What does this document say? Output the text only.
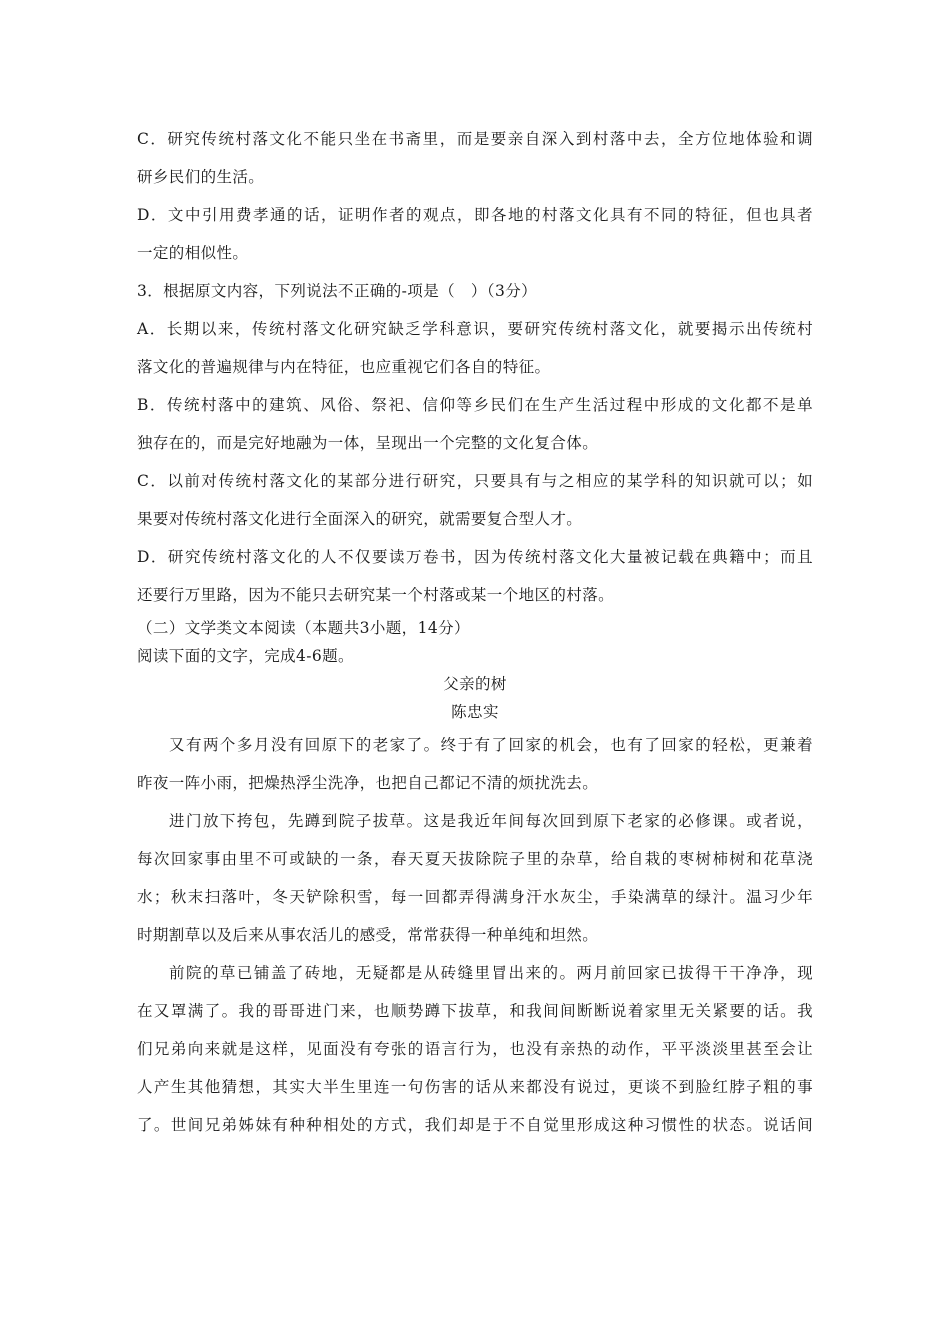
C．研究传统村落文化不能只坐在书斋里，而是要亲自深入到村落中去，全方位地体验和调
研乡民们的生活。
D．文中引用费孝通的话，证明作者的观点，即各地的村落文化具有不同的特征，但也具者
一定的相似性。
3．根据原文内容，下列说法不正确的-项是（　）（3分）
A．长期以来，传统村落文化研究缺乏学科意识，要研究传统村落文化，就要揭示出传统村
落文化的普遍规律与内在特征，也应重视它们各自的特征。
B．传统村落中的建筑、风俗、祭祀、信仰等乡民们在生产生活过程中形成的文化都不是单
独存在的，而是完好地融为一体，呈现出一个完整的文化复合体。
C．以前对传统村落文化的某部分进行研究，只要具有与之相应的某学科的知识就可以；如
果要对传统村落文化进行全面深入的研究，就需要复合型人才。
D．研究传统村落文化的人不仅要读万卷书，因为传统村落文化大量被记载在典籍中；而且
还要行万里路，因为不能只去研究某一个村落或某一个地区的村落。
（二）文学类文本阅读（本题共3小题，14分）
阅读下面的文字，完成4-6题。
父亲的树
陈忠实
又有两个多月没有回原下的老家了。终于有了回家的机会，也有了回家的轻松，更兼着
昨夜一阵小雨，把燥热浮尘洗净，也把自己都记不清的烦扰洗去。
进门放下挎包，先蹲到院子拔草。这是我近年间每次回到原下老家的必修课。或者说，
每次回家事由里不可或缺的一条，春天夏天拔除院子里的杂草，给自栽的枣树柿树和花草浇
水；秋末扫落叶，冬天铲除积雪，每一回都弄得满身汗水灰尘，手染满草的绿汁。温习少年
时期割草以及后来从事农活儿的感受，常常获得一种单纯和坦然。
前院的草已铺盖了砖地，无疑都是从砖缝里冒出来的。两月前回家已拔得干干净净，现
在又罩满了。我的哥哥进门来，也顺势蹲下拔草，和我间间断断说着家里无关紧要的话。我
们兄弟向来就是这样，见面没有夸张的语言行为，也没有亲热的动作，平平淡淡里甚至会让
人产生其他猜想，其实大半生里连一句伤害的话从来都没有说过，更谈不到脸红脖子粗的事
了。世间兄弟姊妹有种种相处的方式，我们却是于不自觉里形成这种习惯性的状态。说话间
